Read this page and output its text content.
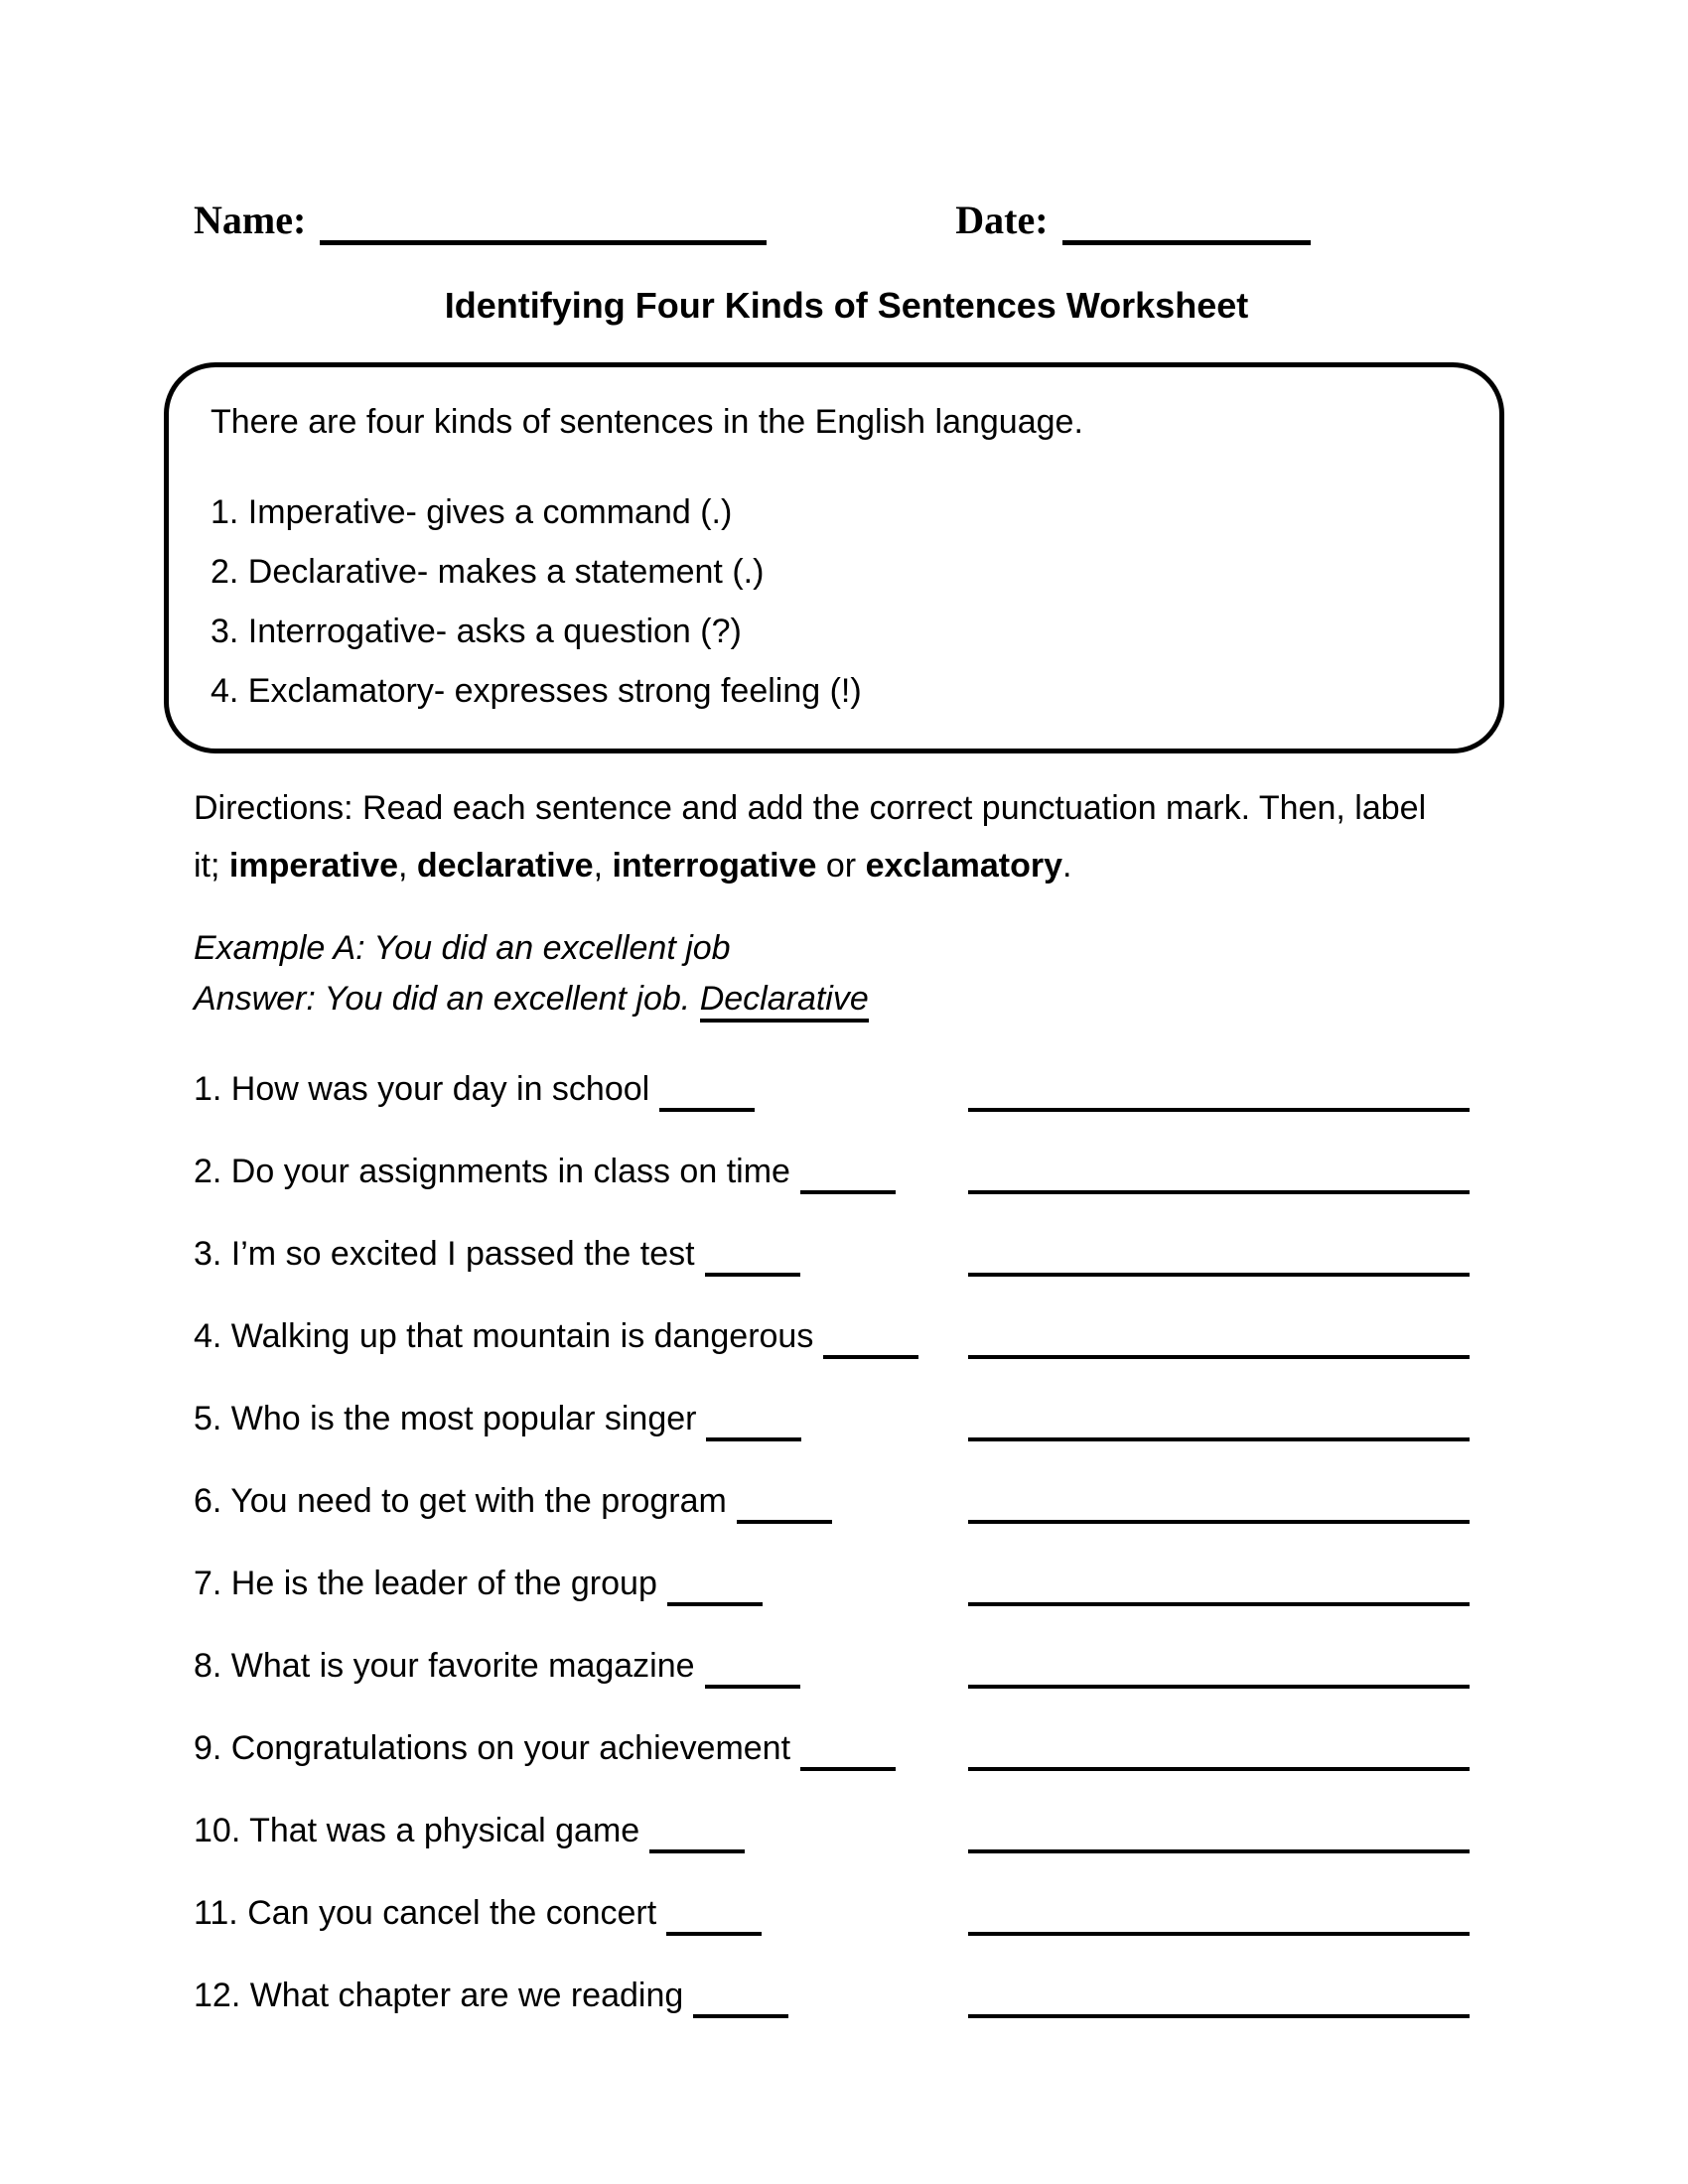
Name:	Date:
Identifying Four Kinds of Sentences Worksheet

There are four kinds of sentences in the English language.

1. Imperative- gives a command (.)

2. Declarative- makes a statement (.)

3. Interrogative- asks a question (?)

4. Exclamatory- expresses strong feeling (!)

Directions: Read each sentence and add the correct punctuation mark. Then, label
it; imperative, declarative, interrogative or exclamatory.
Example A: You did an excellent job
Answer: You did an excellent job. Declarative
1. How was your day in school
2. Do your assignments in class on time
3. I’m so excited I passed the test
4. Walking up that mountain is dangerous
5. Who is the most popular singer
6. You need to get with the program
7. He is the leader of the group
8. What is your favorite magazine
9. Congratulations on your achievement
10. That was a physical game
11. Can you cancel the concert
12. What chapter are we reading
